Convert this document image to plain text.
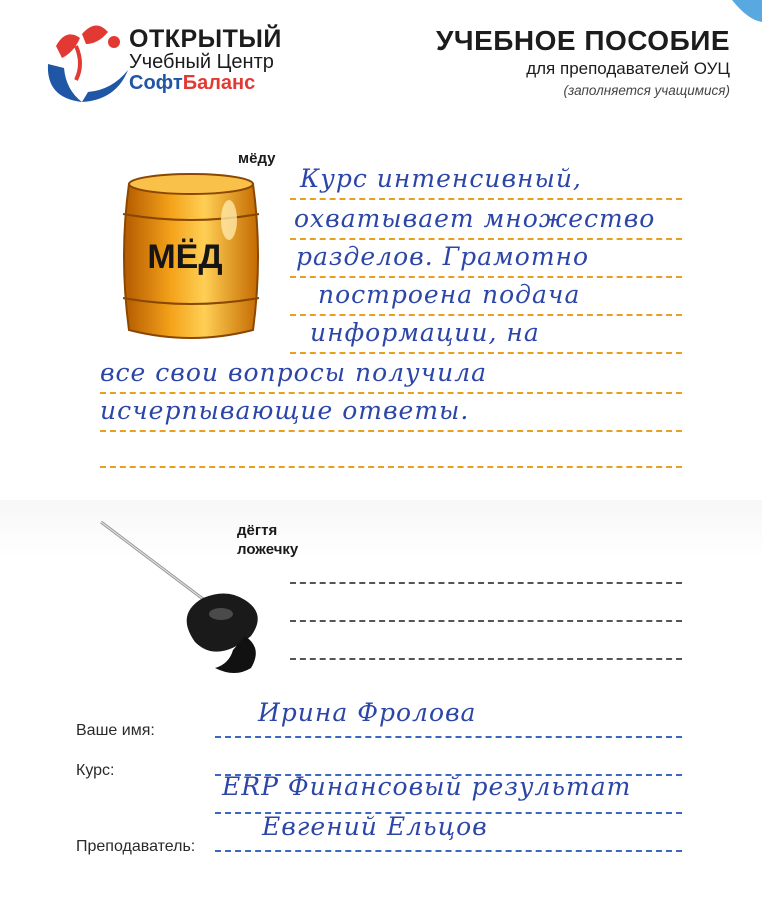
ОТКРЫТЫЙ
Учебный Центр
СофтБаланс
УЧЕБНОЕ ПОСОБИЕ
для преподавателей ОУЦ
(заполняется учащимися)
мёду
МЁД
Курс интенсивный,
охватывает множество
разделов. Грамотно
построена подача
информации, на
все свои вопросы получила
исчерпывающие ответы.
дёгтя
ложечку
Ваше имя:
Ирина Фролова
Курс:
ERP Финансовый результат
Преподаватель:
Евгений Ельцов
